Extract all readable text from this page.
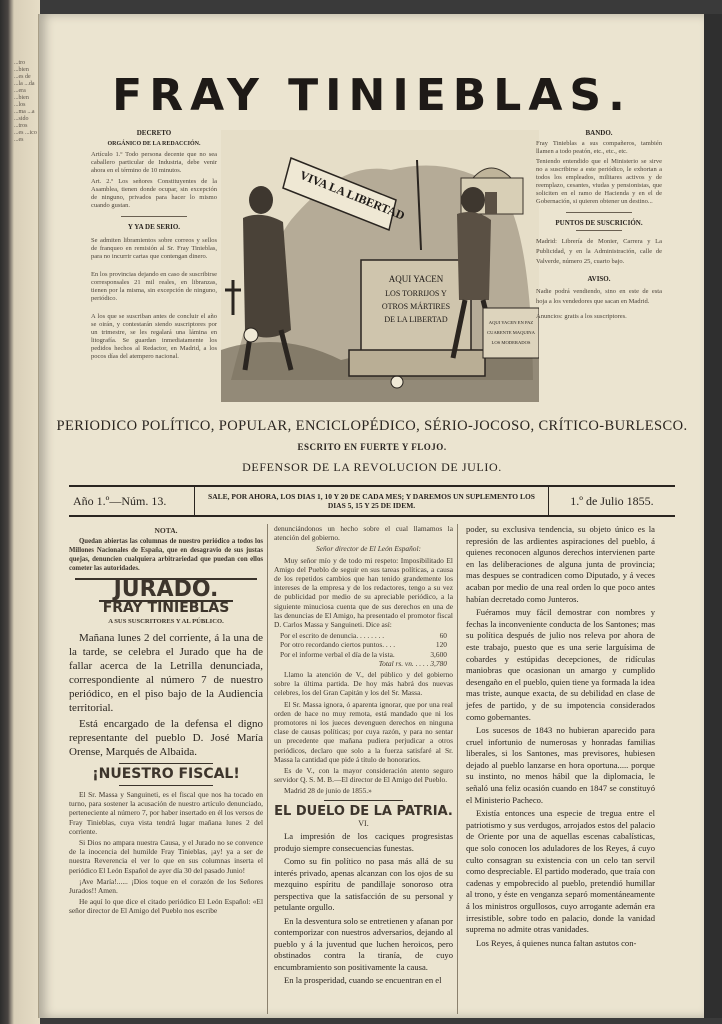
...tro ...bien ...es de ...la ...da ...era ...bien ...los ...ma ...a ...sido ...tros ...es ...ico ...es
FRAY TINIEBLAS.
DECRETO
ORGÁNICO DE LA REDACCIÓN.

Artículo 1.º Todo persona decente que no sea caballero particular de Industria, debe venir ahora en el término de 10 minutos.

Art. 2.º Los señores Constituyentes de la Asamblea, tienen donde ocupar, sin excepción de ninguno, privados para hacer lo mismo cuando gustan.

Y YA DE SERIO.

Se admiten libramientos sobre correos y sellos de franqueo en remisión al Sr. Fray Tinieblas, para no incurrir cartas que contengan dinero.

En los provincias dejando en caso de suscribirse corresponsales 21 mil reales, en libranzas, tienen por la misma, sin excepción de ninguno, periódico.

A los que se suscriban antes de concluir el año se oirán, y contestarán siendo suscriptores por un trimestre, se les regalará una lámina en litografía. Se guardan inmediatamente los pedidos hechos al Redactor, en Madrid, a los pocos días del atempero nacional.

VIVA LA LIBERTAD
AQUI YACEN
LOS TORRIJOS Y
OTROS MÁRTIRES
DE LA LIBERTAD	AQUI YACEN EN PAZ
CUARENTE MAQUINA
LOS MODERADOS
BANDO.

Fray Tinieblas a sus compañeros, también llamen a todo peatón, etc., etc., etc.

Teniendo entendido que el Ministerio se sirve no a suscribirse a este periódico, le exhortan a todos los empleados, militares activos y de reemplazo, cesantes, viudas y pensionistas, que soliciten en el ramo de Hacienda y en el de Gobernación, si quieren obtener un destino...

PUNTOS DE SUSCRICIÓN.

Madrid: Librería de Monier, Carrera y La Publicidad, y en la Administración, calle de Valverde, número 25, cuarto bajo.

AVISO.

Nadie podrá vendiendo, sino en este de esta hoja a los vendedores que sacan en Madrid.

Anuncios: gratis a los suscriptores.

PERIODICO POLÍTICO, POPULAR, ENCICLOPÉDICO, SÉRIO-JOCOSO, CRÍTICO-BURLESCO.
ESCRITO EN FUERTE Y FLOJO.
DEFENSOR DE LA REVOLUCION DE JULIO.
Año 1.º—Núm. 13.	SALE, POR AHORA, LOS DIAS 1, 10 Y 20 DE CADA MES; Y DAREMOS UN SUPLEMENTO LOS DIAS 5, 15 Y 25 DE IDEM.	1.º de Julio 1855.
NOTA.

Quedan abiertas las columnas de nuestro periódico a todos los Millones Nacionales de España, que en desagravio de sus justas quejas, denuncien cualquiera arbitrariedad que puedan con ellos cometer las autoridades.

JURADO.
FRAY TINIEBLAS
A SUS SUSCRITORES Y AL PÚBLICO.

Mañana lunes 2 del corriente, á la una de la tarde, se celebra el Jurado que ha de fallar acerca de la Letrilla denunciada, correspondiente al número 7 de nuestro periódico, en el piso bajo de la Audiencia territorial.

Está encargado de la defensa el digno representante del pueblo D. José María Orense, Marqués de Albaida.

¡NUESTRO FISCAL!

El Sr. Massa y Sanguineti, es el fiscal que nos ha tocado en turno, para sostener la acusación de nuestro artículo denunciado, perteneciente al número 7, por haber insertado en él los versos de Fray Tinieblas, cuya vista tendrá lugar mañana lunes 2 del corriente.

Si Dios no ampara nuestra Causa, y el Jurado no se convence de la inocencia del humilde Fray Tinieblas, ¡ay! ya a ser de nuestra Reverencia el ver lo que en sus columnas inserta el periódico El León Español de ayer día 30 del pasado Junio!

¡Ave María!...... ¡Dios toque en el corazón de los Señores Jurados!! Amen.

He aquí lo que dice el citado periódico El León Español: «El señor director de El Amigo del Pueblo nos escribe

denunciándonos un hecho sobre el cual llamamos la atención del gobierno.

Señor director de El León Español:

Muy señor mío y de todo mi respeto: Imposibilitado El Amigo del Pueblo de seguir en sus tareas políticas, a causa de los repetidos cambios que han tenido grandemente los intereses de la empresa y de los redactores, tengo a su vez de publicidad por medio de su apreciable periódico, a la siguiente minuciosa cuenta que de sus derechos en una de las denuncias de El Amigo, ha presentado el promotor fiscal D. Carlos Massa y Sanguineti. Dice así:

Por el escrito de denuncia. . . . . . . .	60
Por otro recordando ciertos puntos. . . .	120
Por el informe verbal el día de la vista.	3,600

Total rs. vn. . . . . 3,780

Llamo la atención de V., del público y del gobierno sobre la última partida. De hoy más habrá dos nuevas celebres, los del Gran Capitán y los del Sr. Massa.

El Sr. Massa ignora, ó aparenta ignorar, que por una real orden de hace no muy remota, está mandado que ni los promotores ni los jueces devenguen derechos en ninguna clase de causas políticas; por cuya razón, y para no sentar un precedente que mañana pudiera perjudicar a otros periódicos, declaro que solo a la fuerza satisfaré al Sr. Massa la cantidad que pide á título de honorarios.

Es de V., con la mayor consideración atento seguro servidor Q. S. M. B.—El director de El Amigo del Pueblo.

Madrid 28 de junio de 1855.»

EL DUELO DE LA PATRIA.
VI.

La impresión de los caciques progresistas produjo siempre consecuencias funestas.

Como su fin político no pasa más allá de su interés privado, apenas alcanzan con los ojos de su mezquino espíritu de pandillaje sonoroso otra perspectiva que la satisfacción de su personal y petulante orgullo.

En la desventura solo se entretienen y afanan por contemporizar con nuestros adversarios, dejando al pueblo y á la juventud que luchen heroicos, pero obstinados contra la tiranía, de cuyo encumbramiento son positivamente la causa.

En la prosperidad, cuando se encuentran en el

poder, su exclusiva tendencia, su objeto único es la represión de las ardientes aspiraciones del pueblo, á quienes reconocen algunos derechos intervienen parte en las deliberaciones de alguna junta de provincia; mas despues se contradicen como Diputado, y á veces acaban por medio de una real orden lo que poco antes habían decretado como Junteros.

Fuéramos muy fácil demostrar con nombres y fechas la inconveniente conducta de los Santones; mas su política después de julio nos releva por ahora de este trabajo, puesto que es una serie larguísima de cobardes y estúpidas decepciones, de ridículas maniobras que ocasionan un amargo y cumplido desengaño en el pueblo, quien tiene ya formada la idea mas triste, aunque exacta, de su debilidad en clase de jefes de partido, y de su impotencia considerados como gobernantes.

Los sucesos de 1843 no hubieran aparecido para cruel infortunio de numerosas y honradas familias liberales, si los Santones, mas previsores, hubiesen dejado al pueblo lanzarse en hora oportuna..... porque su instinto, no menos hábil que la diplomacia, le señaló una feliz ocasión cuando en 1847 se constituyó el Ministerio Pacheco.

Existía entonces una especie de tregua entre el patriotismo y sus verdugos, arrojados estos del palacio de Oriente por una de aquellas escenas cabalísticas, que solo conocen los aduladores de los Reyes, á cuyo culto consagran su existencia con un celo tan servil como despreciable. El partido moderado, que traía con cadenas y empobrecido al pueblo, pretendió humillar al trono, y éste en venganza separó momentáneamente á los ministros orgullosos, cuyo arrogante ademán era irresistible, sobre todo en palacio, donde la vanidad suprema no admite otras vanidades.

Los Reyes, á quienes nunca faltan astutos con-
